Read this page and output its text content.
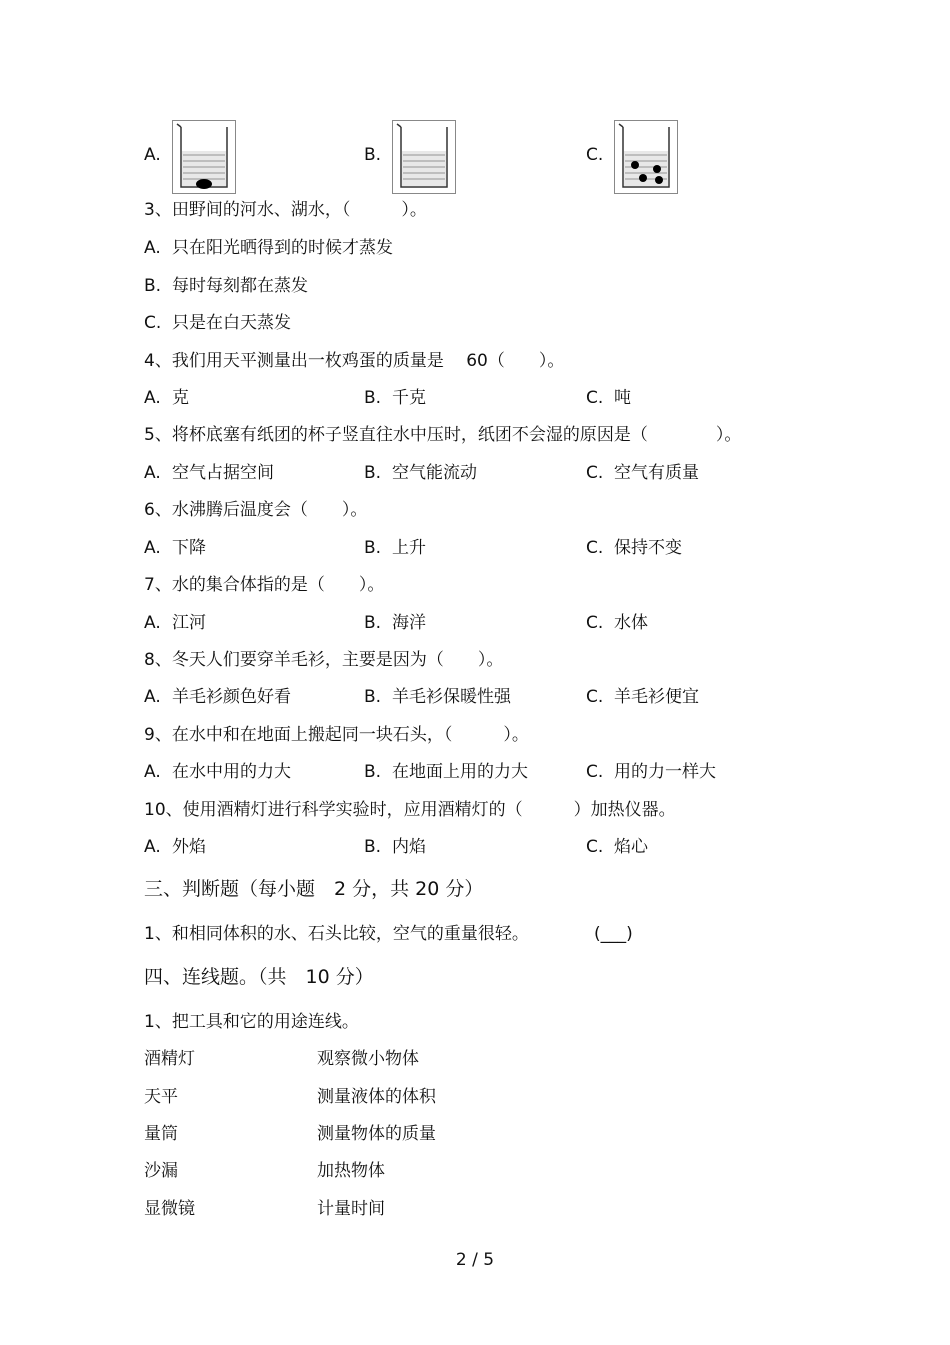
A.	B.	C.
3、田野间的河水、湖水，（　　　）。
A. 只在阳光晒得到的时候才蒸发
B. 每时每刻都在蒸发
C. 只是在白天蒸发
4、我们用天平测量出一枚鸡蛋的质量是　 60（　　）。
A. 克	B. 千克	C. 吨
5、将杯底塞有纸团的杯子竖直往水中压时，纸团不会湿的原因是（　　　　）。
A. 空气占据空间	B. 空气能流动	C. 空气有质量
6、水沸腾后温度会（　　）。
A. 下降	B. 上升	C. 保持不变
7、水的集合体指的是（　　）。
A. 江河	B. 海洋	C. 水体
8、冬天人们要穿羊毛衫，主要是因为（　　）。
A. 羊毛衫颜色好看	B. 羊毛衫保暖性强	C. 羊毛衫便宜
9、在水中和在地面上搬起同一块石头，（　　　）。
A. 在水中用的力大	B. 在地面上用的力大	C. 用的力一样大
10、使用酒精灯进行科学实验时，应用酒精灯的（　　　）加热仪器。
A. 外焰	B. 内焰	C. 焰心
三、判断题（每小题　2 分，共 20 分）
1、和相同体积的水、石头比较，空气的重量很轻。	(___)
四、连线题。（共　10 分）
1、把工具和它的用途连线。
酒精灯	观察微小物体
天平	测量液体的体积
量筒	测量物体的质量
沙漏	加热物体
显微镜	计量时间
2 / 5
